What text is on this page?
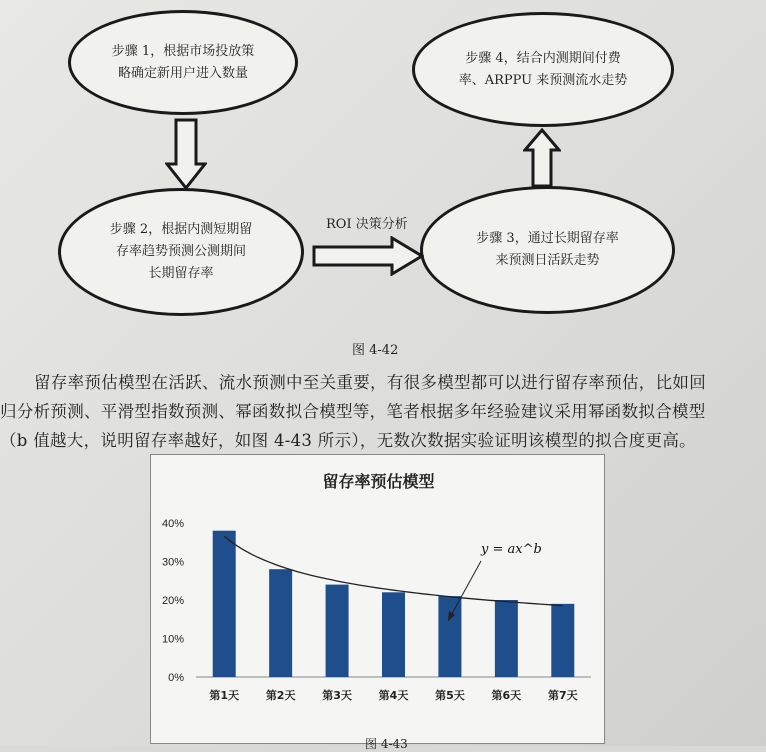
步骤 1，根据市场投放策
略确定新用户进入数量
步骤 4，结合内测期间付费
率、ARPPU 来预测流水走势
步骤 2，根据内测短期留
存率趋势预测公测期间
长期留存率
步骤 3，通过长期留存率
来预测日活跃走势
ROI 决策分析
图 4-42

留存率预估模型在活跃、流水预测中至关重要，有很多模型都可以进行留存率预估，比如回

归分析预测、平滑型指数预测、幂函数拟合模型等，笔者根据多年经验建议采用幂函数拟合模型

（b 值越大，说明留存率越好，如图 4-43 所示），无数次数据实验证明该模型的拟合度更高。

留存率预估模型
0%
10%
20%
30%
40%
第1天 第2天 第3天 第4天 第5天 第6天 第7天
y = ax^b
图 4-43
